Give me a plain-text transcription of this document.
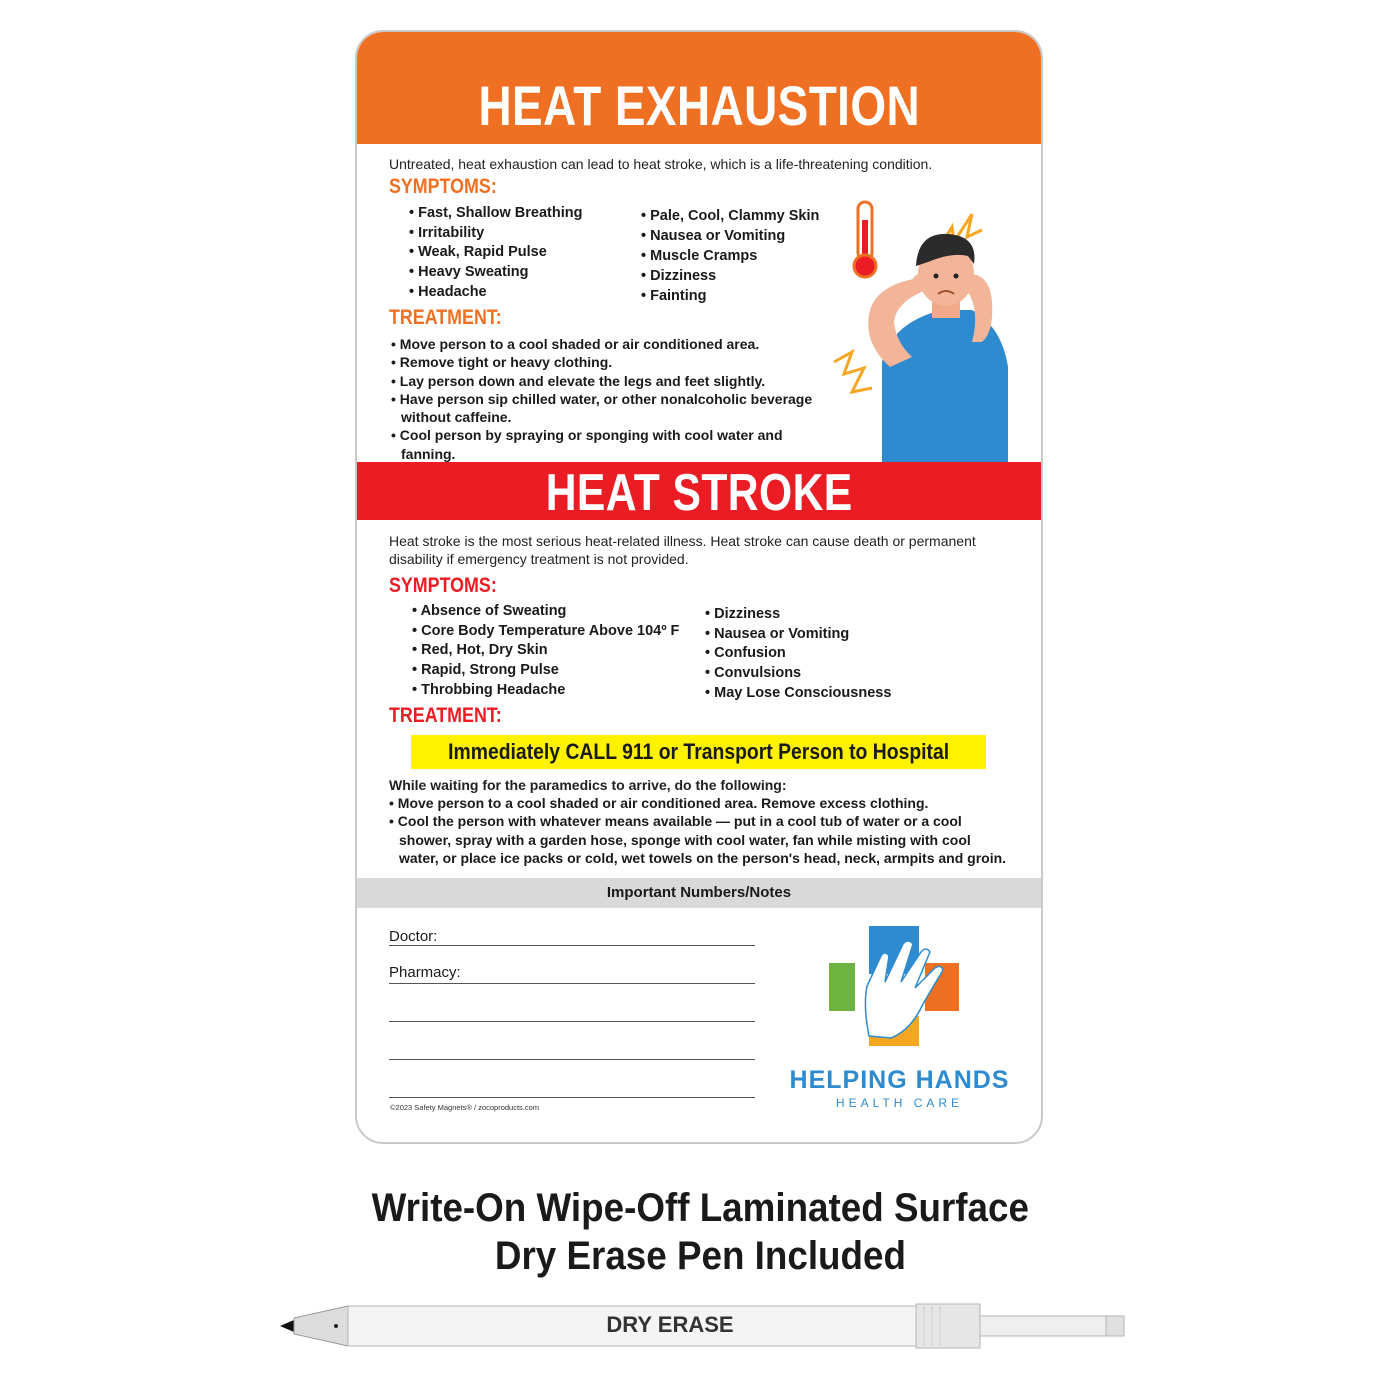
HEAT EXHAUSTION
Untreated, heat exhaustion can lead to heat stroke, which is a life-threatening condition.
SYMPTOMS:
• Fast, Shallow Breathing
• Irritability
• Weak, Rapid Pulse
• Heavy Sweating
• Headache
• Pale, Cool, Clammy Skin
• Nausea or Vomiting
• Muscle Cramps
• Dizziness
• Fainting
TREATMENT:
• Move person to a cool shaded or air conditioned area.
• Remove tight or heavy clothing.
• Lay person down and elevate the legs and feet slightly.
• Have person sip chilled water, or other nonalcoholic beverage without caffeine.
• Cool person by spraying or sponging with cool water and fanning.
HEAT STROKE
Heat stroke is the most serious heat-related illness. Heat stroke can cause death or permanent disability if emergency treatment is not provided.
SYMPTOMS:
• Absence of Sweating
• Core Body Temperature Above 104º F
• Red, Hot, Dry Skin
• Rapid, Strong Pulse
• Throbbing Headache
• Dizziness
• Nausea or Vomiting
• Confusion
• Convulsions
• May Lose Consciousness
TREATMENT:
Immediately CALL 911 or Transport Person to Hospital
While waiting for the paramedics to arrive, do the following:
• Move person to a cool shaded or air conditioned area. Remove excess clothing.
• Cool the person with whatever means available — put in a cool tub of water or a cool shower, spray with a garden hose, sponge with cool water, fan while misting with cool water, or place ice packs or cold, wet towels on the person's head, neck, armpits and groin.
Important Numbers/Notes
Doctor:
Pharmacy:
©2023 Safety Magnets® / zocoproducts.com
HELPING HANDS
HEALTH CARE
Write-On Wipe-Off Laminated Surface
Dry Erase Pen Included
DRY ERASE
